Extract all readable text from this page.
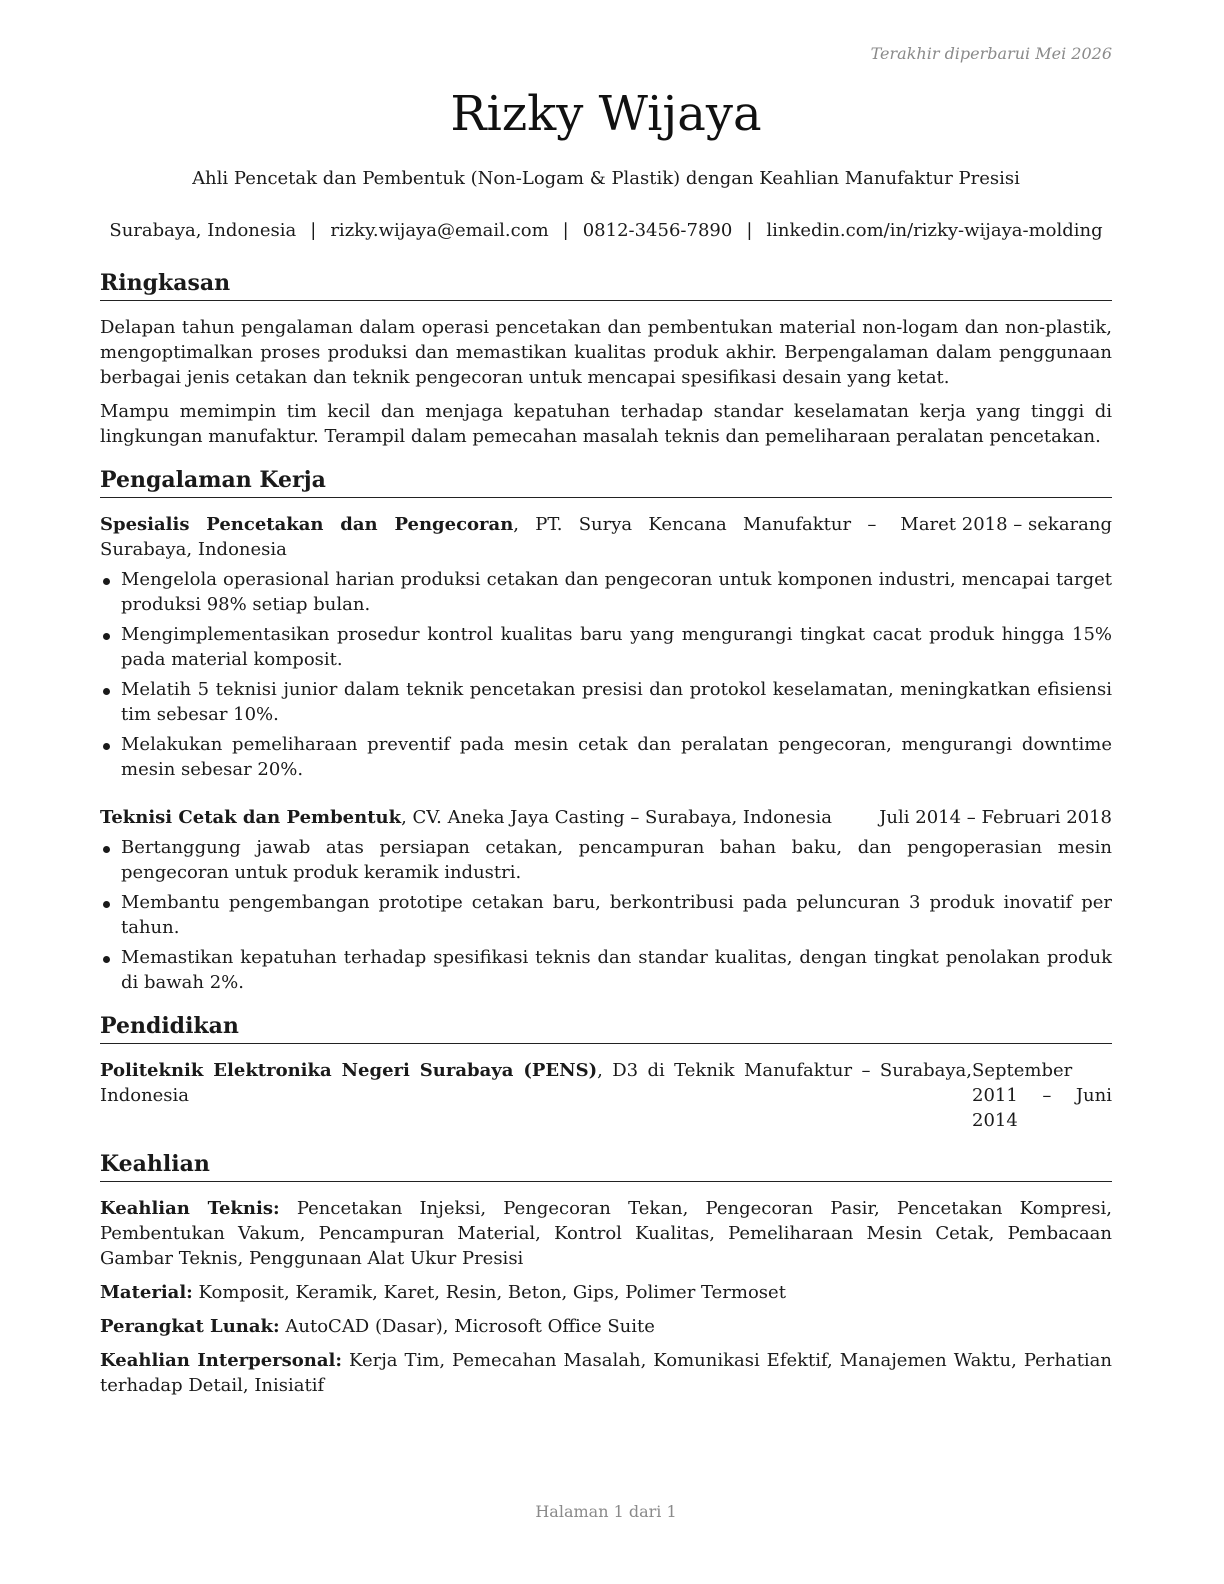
Terakhir diperbarui Mei 2026
Rizky Wijaya
Ahli Pencetak dan Pembentuk (Non-Logam & Plastik) dengan Keahlian Manufaktur Presisi
Surabaya, Indonesia | rizky.wijaya@email.com | 0812-3456-7890 | linkedin.com/in/rizky-wijaya-molding
Ringkasan

Delapan tahun pengalaman dalam operasi pencetakan dan pembentukan material non-logam dan non-plastik, mengoptimalkan proses produksi dan memastikan kualitas produk akhir. Berpengalaman dalam penggunaan berbagai jenis cetakan dan teknik pengecoran untuk mencapai spesifikasi desain yang ketat.

Mampu memimpin tim kecil dan menjaga kepatuhan terhadap standar keselamatan kerja yang tinggi di lingkungan manufaktur. Terampil dalam pemecahan masalah teknis dan pemeliharaan peralatan pencetakan.

Pengalaman Kerja
Spesialis Pencetakan dan Pengecoran, PT. Surya Kencana Manufaktur – Surabaya, Indonesia
Maret 2018 – sekarang
Mengelola operasional harian produksi cetakan dan pengecoran untuk komponen industri, mencapai target produksi 98% setiap bulan.
Mengimplementasikan prosedur kontrol kualitas baru yang mengurangi tingkat cacat produk hingga 15% pada material komposit.
Melatih 5 teknisi junior dalam teknik pencetakan presisi dan protokol keselamatan, meningkatkan efisiensi tim sebesar 10%.
Melakukan pemeliharaan preventif pada mesin cetak dan peralatan pengecoran, mengurangi downtime mesin sebesar 20%.
Teknisi Cetak dan Pembentuk, CV. Aneka Jaya Casting – Surabaya, Indonesia	Juli 2014 – Februari 2018
Bertanggung jawab atas persiapan cetakan, pencampuran bahan baku, dan pengoperasian mesin pengecoran untuk produk keramik industri.
Membantu pengembangan prototipe cetakan baru, berkontribusi pada peluncuran 3 produk inovatif per tahun.
Memastikan kepatuhan terhadap spesifikasi teknis dan standar kualitas, dengan tingkat penolakan produk di bawah 2%.
Pendidikan
Politeknik Elektronika Negeri Surabaya (PENS), D3 di Teknik Manufaktur – Surabaya, Indonesia
September 2011 – Juni 2014
Keahlian

Keahlian Teknis: Pencetakan Injeksi, Pengecoran Tekan, Pengecoran Pasir, Pencetakan Kompresi, Pembentukan Vakum, Pencampuran Material, Kontrol Kualitas, Pemeliharaan Mesin Cetak, Pembacaan Gambar Teknis, Penggunaan Alat Ukur Presisi

Material: Komposit, Keramik, Karet, Resin, Beton, Gips, Polimer Termoset

Perangkat Lunak: AutoCAD (Dasar), Microsoft Office Suite

Keahlian Interpersonal: Kerja Tim, Pemecahan Masalah, Komunikasi Efektif, Manajemen Waktu, Perhatian terhadap Detail, Inisiatif

Halaman 1 dari 1
